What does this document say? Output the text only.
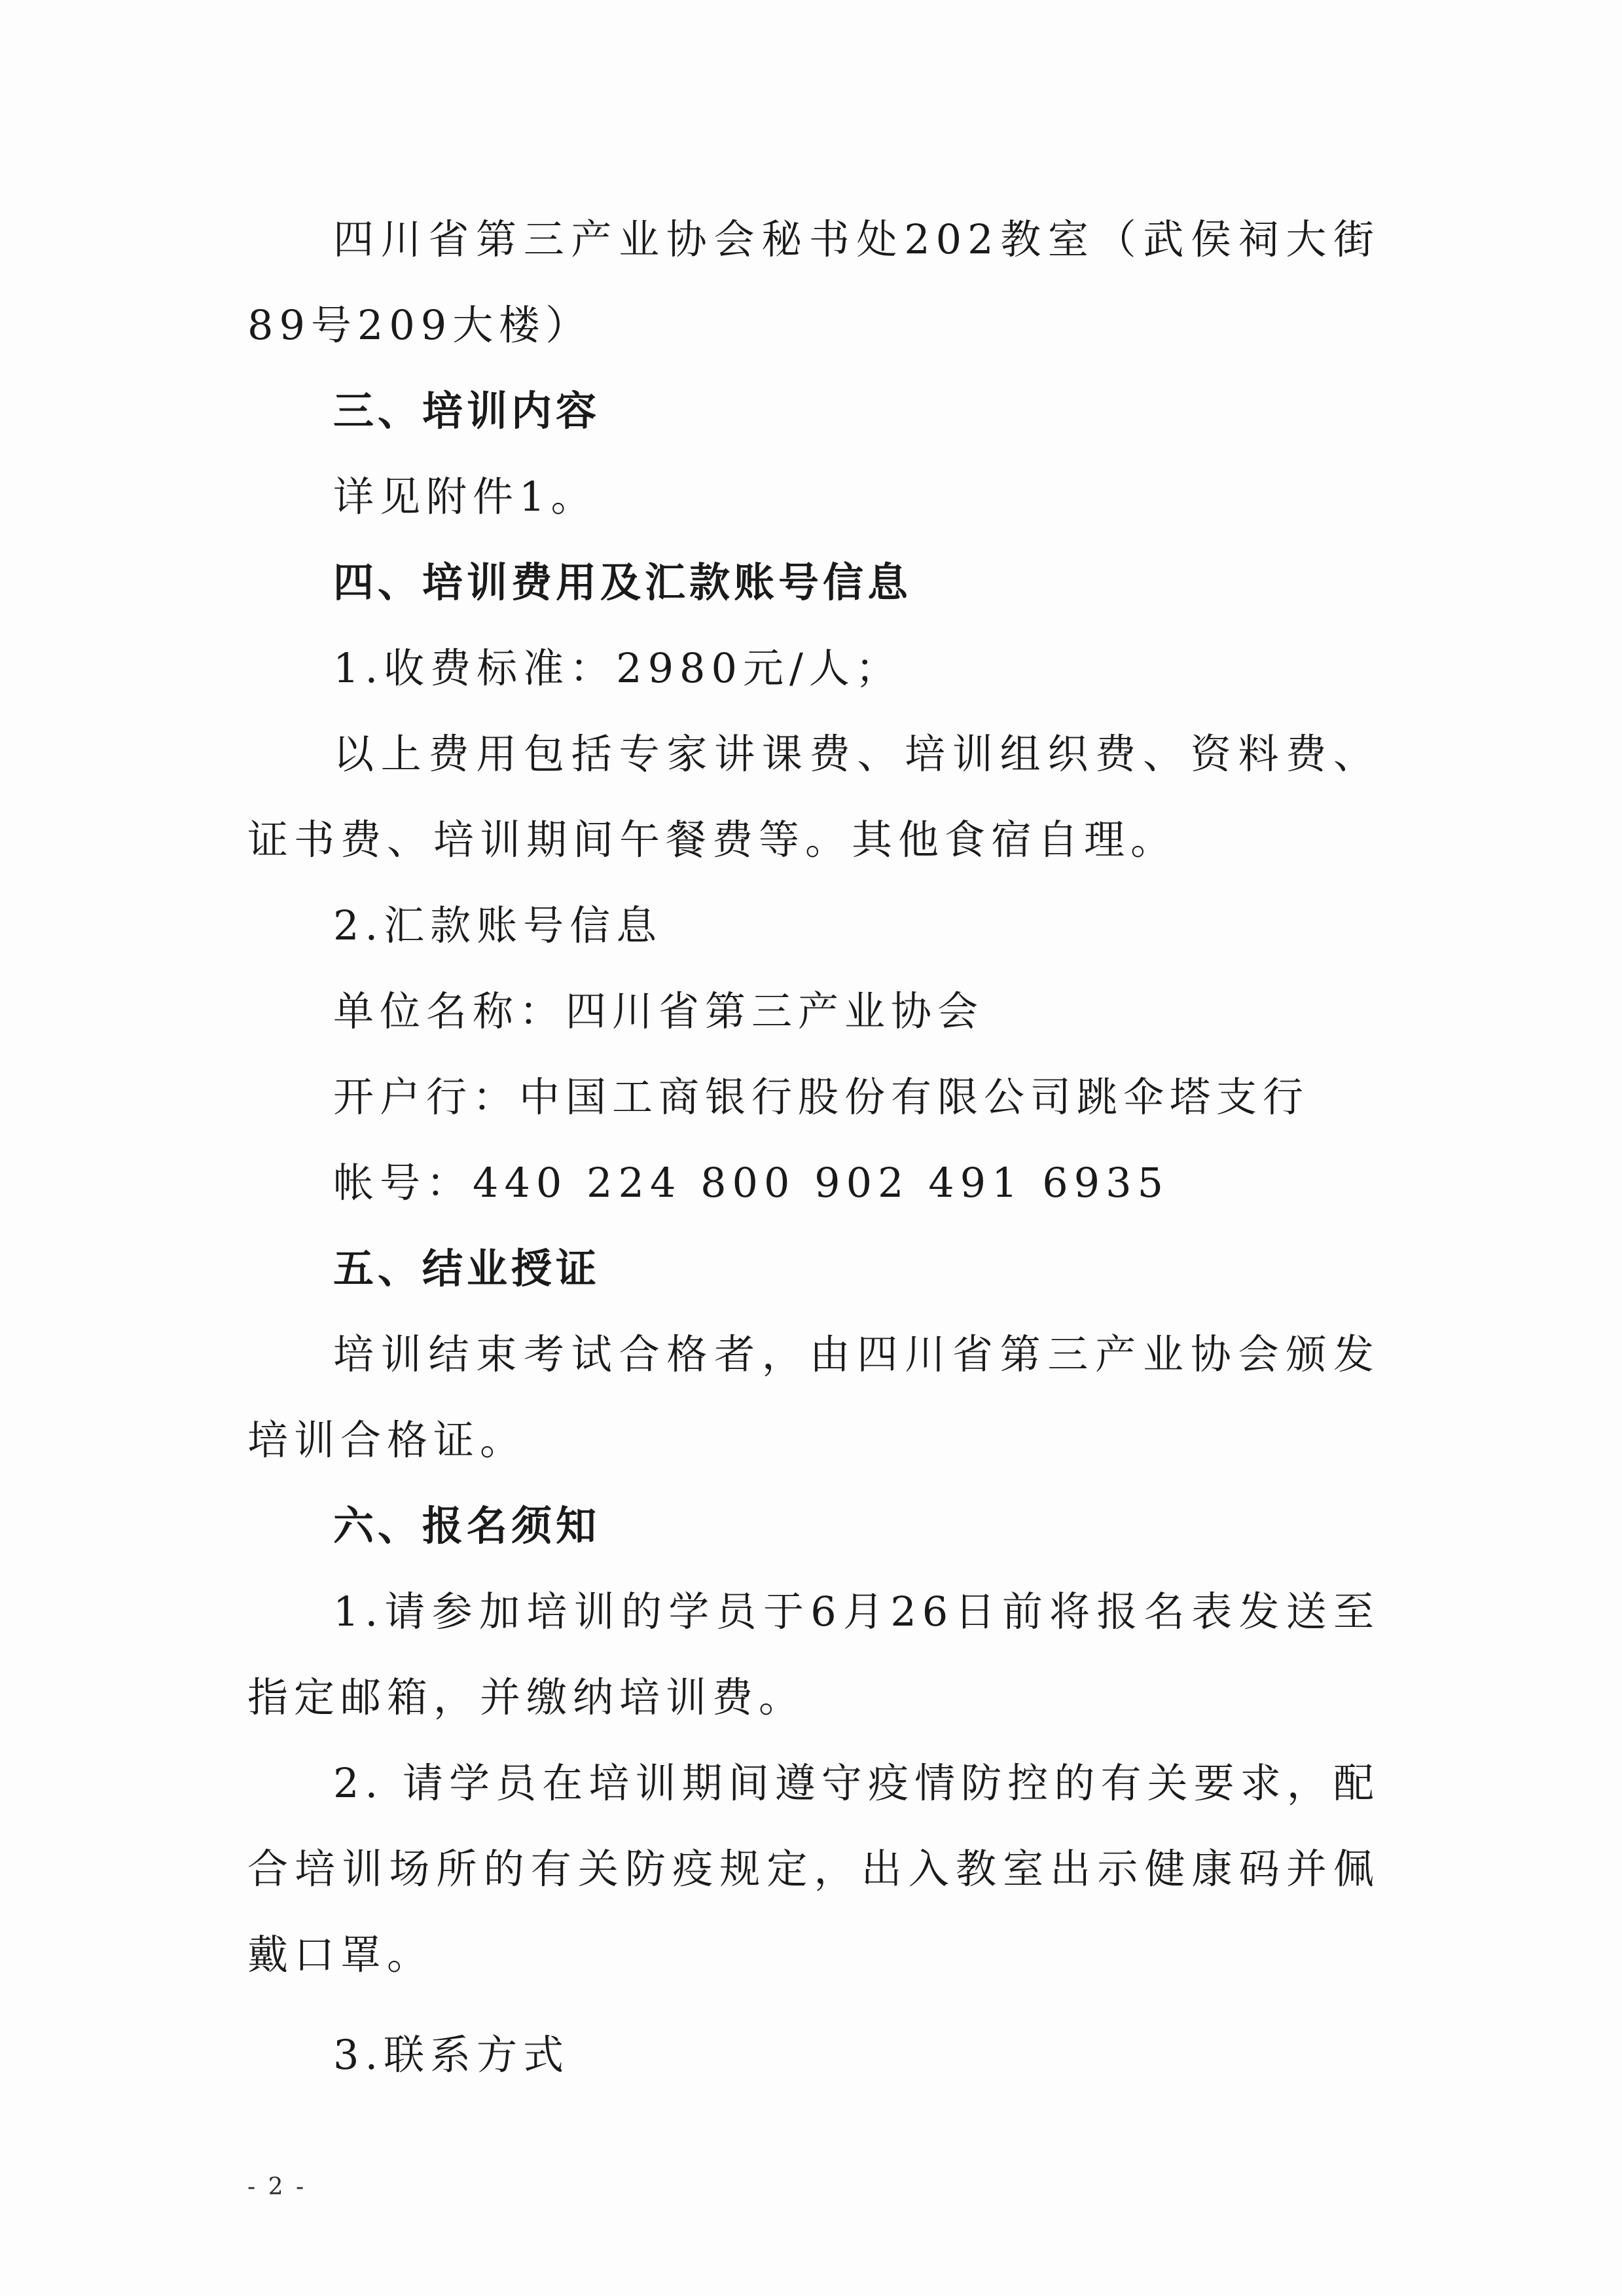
四川省第三产业协会秘书处202教室（武侯祠大街89号209大楼）

三、培训内容

详见附件1。

四、培训费用及汇款账号信息

1.收费标准：2980元/人；

以上费用包括专家讲课费、培训组织费、资料费、证书费、培训期间午餐费等。其他食宿自理。

2.汇款账号信息

单位名称：四川省第三产业协会

开户行：中国工商银行股份有限公司跳伞塔支行

帐号：440 224 800 902 491 6935

五、结业授证

培训结束考试合格者，由四川省第三产业协会颁发培训合格证。

六、报名须知

1.请参加培训的学员于6月26日前将报名表发送至指定邮箱，并缴纳培训费。

2. 请学员在培训期间遵守疫情防控的有关要求，配合培训场所的有关防疫规定，出入教室出示健康码并佩戴口罩。

3.联系方式

- 2 -
